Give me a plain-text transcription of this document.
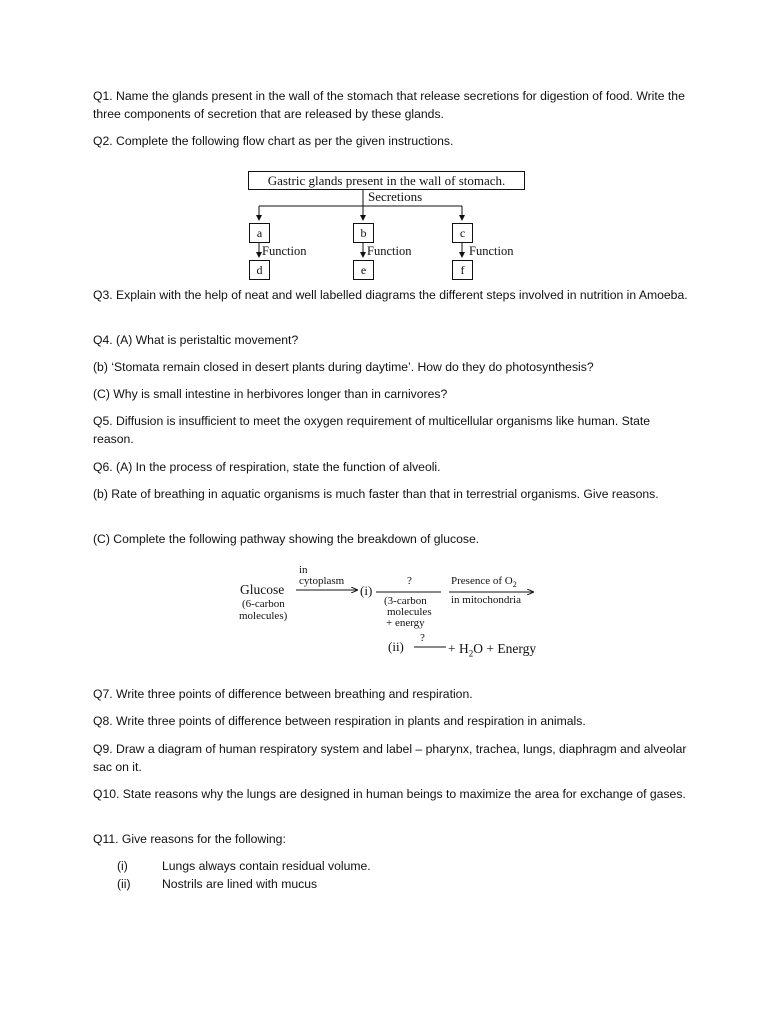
Q1. Name the glands present in the wall of the stomach that release secretions for digestion of food. Write the three components of secretion that are released by these glands.

Q2. Complete the following flow chart as per the given instructions.

Gastric glands present in the wall of stomach.
Secretions
a	b	c
Function	Function	Function
d	e	f

Q3. Explain with the help of neat and well labelled diagrams the different steps involved in nutrition in Amoeba.

Q4. (A) What is peristaltic movement?

(b) ‘Stomata remain closed in desert plants during daytime’. How do they do photosynthesis?

(C) Why is small intestine in herbivores longer than in carnivores?

Q5. Diffusion is insufficient to meet the oxygen requirement of multicellular organisms like human. State reason.

Q6. (A) In the process of respiration, state the function of alveoli.

(b) Rate of breathing in aquatic organisms is much faster than that in terrestrial organisms. Give reasons.

(C) Complete the following pathway showing the breakdown of glucose.

Glucose
(6-carbon
molecules)
in
cytoplasm
(i)
?
(3-carbon
molecules
+ energy
Presence of $O_2$
in mitochondria
(ii)
?
+ $H_2O$ + Energy

Q7. Write three points of difference between breathing and respiration.

Q8. Write three points of difference between respiration in plants and respiration in animals.

Q9. Draw a diagram of human respiratory system and label – pharynx, trachea, lungs, diaphragm and alveolar sac on it.

Q10. State reasons why the lungs are designed in human beings to maximize the area for exchange of gases.

Q11. Give reasons for the following:

(i)	Lungs always contain residual volume.
(ii)	Nostrils are lined with mucus
